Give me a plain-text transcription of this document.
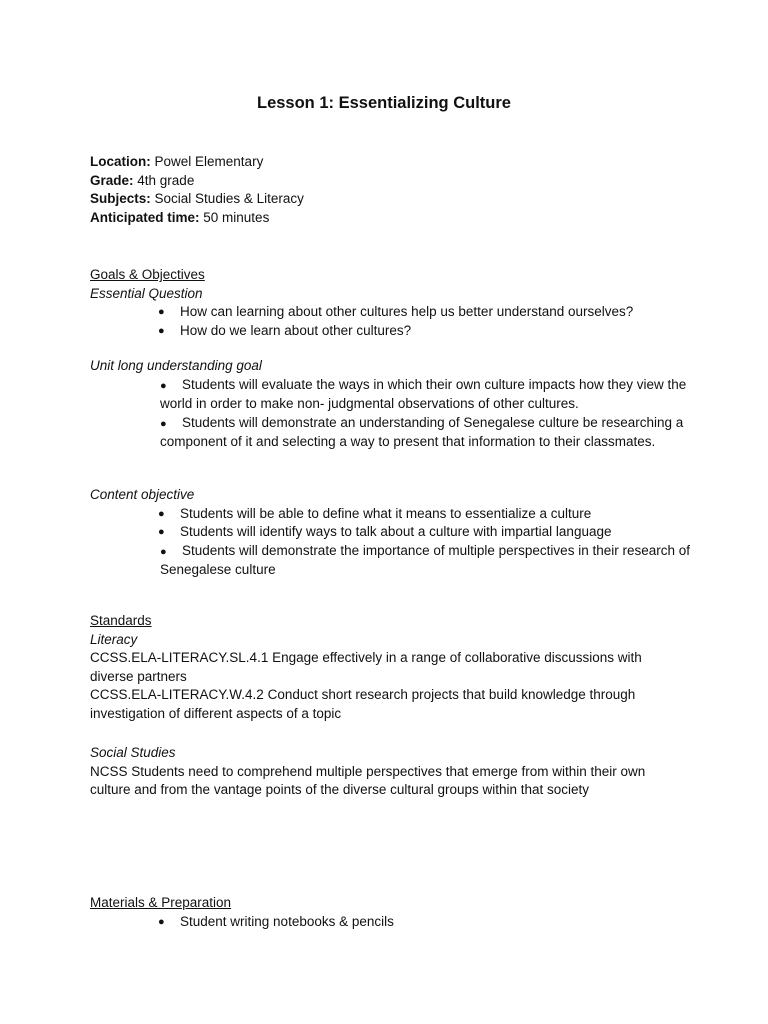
Lesson 1: Essentializing Culture
Location: Powel Elementary
Grade: 4th grade
Subjects: Social Studies & Literacy
Anticipated time: 50 minutes
Goals & Objectives
Essential Question
● How can learning about other cultures help us better understand ourselves?
● How do we learn about other cultures?
Unit long understanding goal
● Students will evaluate the ways in which their own culture impacts how they view the world in order to make non- judgmental observations of other cultures.
● Students will demonstrate an understanding of Senegalese culture be researching a component of it and selecting a way to present that information to their classmates.
Content objective
● Students will be able to define what it means to essentialize a culture
● Students will identify ways to talk about a culture with impartial language
● Students will demonstrate the importance of multiple perspectives in their research of Senegalese culture
Standards
Literacy

CCSS.ELA-LITERACY.SL.4.1 Engage effectively in a range of collaborative discussions with diverse partners

CCSS.ELA-LITERACY.W.4.2 Conduct short research projects that build knowledge through investigation of different aspects of a topic

Social Studies

NCSS Students need to comprehend multiple perspectives that emerge from within their own culture and from the vantage points of the diverse cultural groups within that society

Materials & Preparation
● Student writing notebooks & pencils
